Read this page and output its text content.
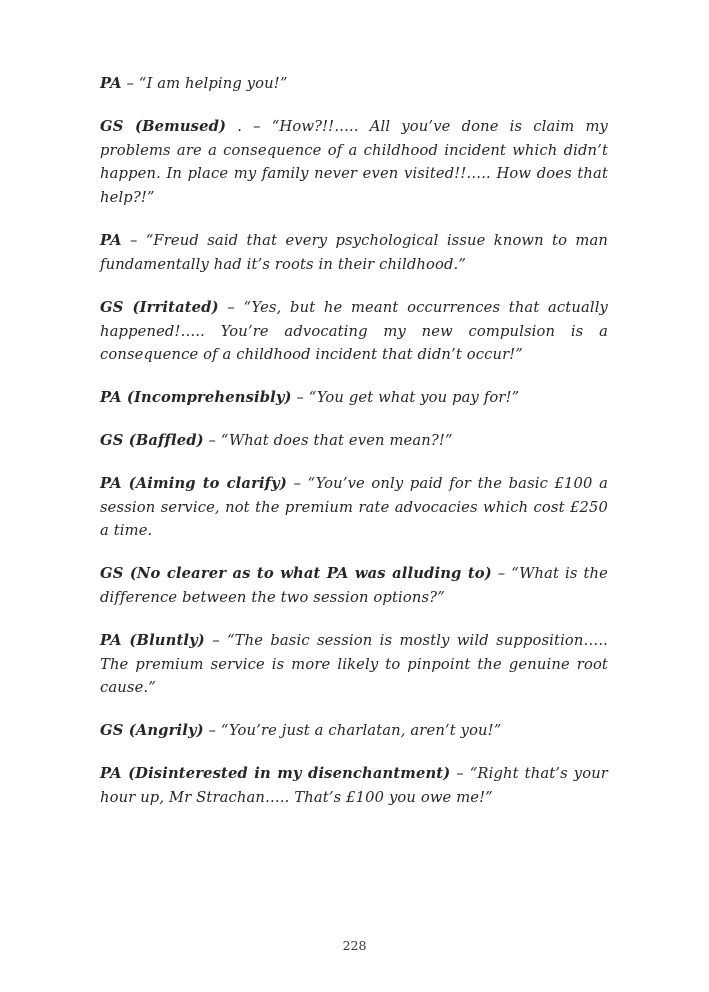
PA – “I am helping you!”

GS (Bemused) . – “How?!!….. All you’ve done is claim my problems are a consequence of a childhood incident which didn’t happen. In place my family never even visited!!….. How does that help?!”

PA – “Freud said that every psychological issue known to man fundamentally had it’s roots in their childhood.”

GS (Irritated) – “Yes, but he meant occurrences that actually happened!….. You’re advocating my new compulsion is a consequence of a childhood incident that didn’t occur!”

PA (Incomprehensibly) – “You get what you pay for!”

GS (Baffled) – “What does that even mean?!”

PA (Aiming to clarify) – “You’ve only paid for the basic £100 a session service, not the premium rate advocacies which cost £250 a time.

GS (No clearer as to what PA was alluding to) – “What is the difference between the two session options?”

PA (Bluntly) – “The basic session is mostly wild supposition….. The premium service is more likely to pinpoint the genuine root cause.”

GS (Angrily) – “You’re just a charlatan, aren’t you!”

PA (Disinterested in my disenchantment) – “Right that’s your hour up, Mr Strachan….. That’s £100 you owe me!”

228
